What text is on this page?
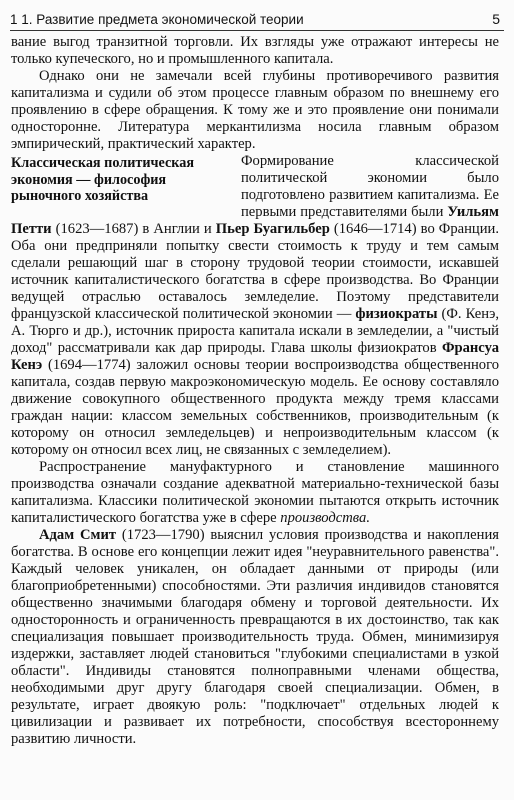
1 1. Развитие предмета экономической теории	5

вание выгод транзитной торговли. Их взгляды уже отражают интересы не только купеческого, но и промышленного капитала.

Однако они не замечали всей глубины противоречивого развития капитализма и судили об этом процессе главным образом по внешнему его проявлению в сфере обращения. К тому же и это проявление они понимали односторонне. Литература меркантилизма носила главным образом эмпирический, практический характер.

Классическая политическая экономия — философия рыночного хозяйства

Формирование классической политической экономии было подготовлено развитием капитализма. Ее первыми представителями были Уильям Петти (1623—1687) в Англии и Пьер Буагильбер (1646—1714) во Франции. Оба они предприняли попытку свести стоимость к труду и тем самым сделали решающий шаг в сторону трудовой теории стоимости, искавшей источник капиталистического богатства в сфере производства. Во Франции ведущей отраслью оставалось земледелие. Поэтому представители французской классической политической экономии — физиократы (Ф. Кенэ, А. Тюрго и др.), источник прироста капитала искали в земледелии, а "чистый доход" рассматривали как дар природы. Глава школы физиократов Франсуа Кенэ (1694—1774) заложил основы теории воспроизводства общественного капитала, создав первую макроэкономическую модель. Ее основу составляло движение совокупного общественного продукта между тремя классами граждан нации: классом земельных собственников, производительным (к которому он относил земледельцев) и непроизводительным классом (к которому он относил всех лиц, не связанных с земледелием).

Распространение мануфактурного и становление машинного производства означали создание адекватной материально-технической базы капитализма. Классики политической экономии пытаются открыть источник капиталистического богатства уже в сфере производства.

Адам Смит (1723—1790) выяснил условия производства и накопления богатства. В основе его концепции лежит идея "неуравнительного равенства". Каждый человек уникален, он обладает данными от природы (или благоприобретенными) способностями. Эти различия индивидов становятся общественно значимыми благодаря обмену и торговой деятельности. Их односторонность и ограниченность превращаются в их достоинство, так как специализация повышает производительность труда. Обмен, минимизируя издержки, заставляет людей становиться "глубокими специалистами в узкой области". Индивиды становятся полноправными членами общества, необходимыми друг другу благодаря своей специализации. Обмен, в результате, играет двоякую роль: "подключает" отдельных людей к цивилизации и развивает их потребности, способствуя всестороннему развитию личности.
